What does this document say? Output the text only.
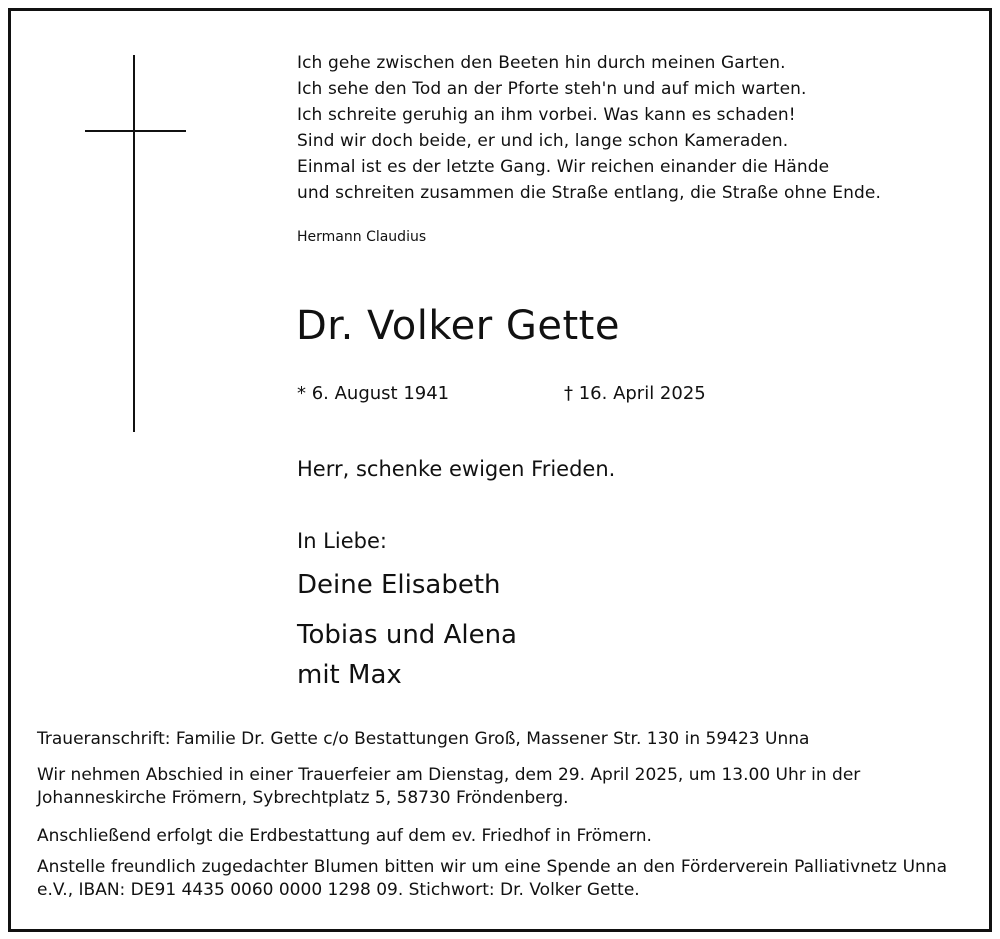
Ich gehe zwischen den Beeten hin durch meinen Garten.
Ich sehe den Tod an der Pforte steh'n und auf mich warten.
Ich schreite geruhig an ihm vorbei. Was kann es schaden!
Sind wir doch beide, er und ich, lange schon Kameraden.
Einmal ist es der letzte Gang. Wir reichen einander die Hände
und schreiten zusammen die Straße entlang, die Straße ohne Ende.
Hermann Claudius
Dr. Volker Gette
* 6. August 1941	† 16. April 2025
Herr, schenke ewigen Frieden.
In Liebe:
Deine Elisabeth
Tobias und Alena
mit Max
Traueranschrift: Familie Dr. Gette c/o Bestattungen Groß, Massener Str. 130 in 59423 Unna
Wir nehmen Abschied in einer Trauerfeier am Dienstag, dem 29. April 2025, um 13.00 Uhr in der Johanneskirche Frömern, Sybrechtplatz 5, 58730 Fröndenberg.
Anschließend erfolgt die Erdbestattung auf dem ev. Friedhof in Frömern.
Anstelle freundlich zugedachter Blumen bitten wir um eine Spende an den Förderverein Palliativnetz Unna e.V., IBAN: DE91 4435 0060 0000 1298 09. Stichwort: Dr. Volker Gette.
